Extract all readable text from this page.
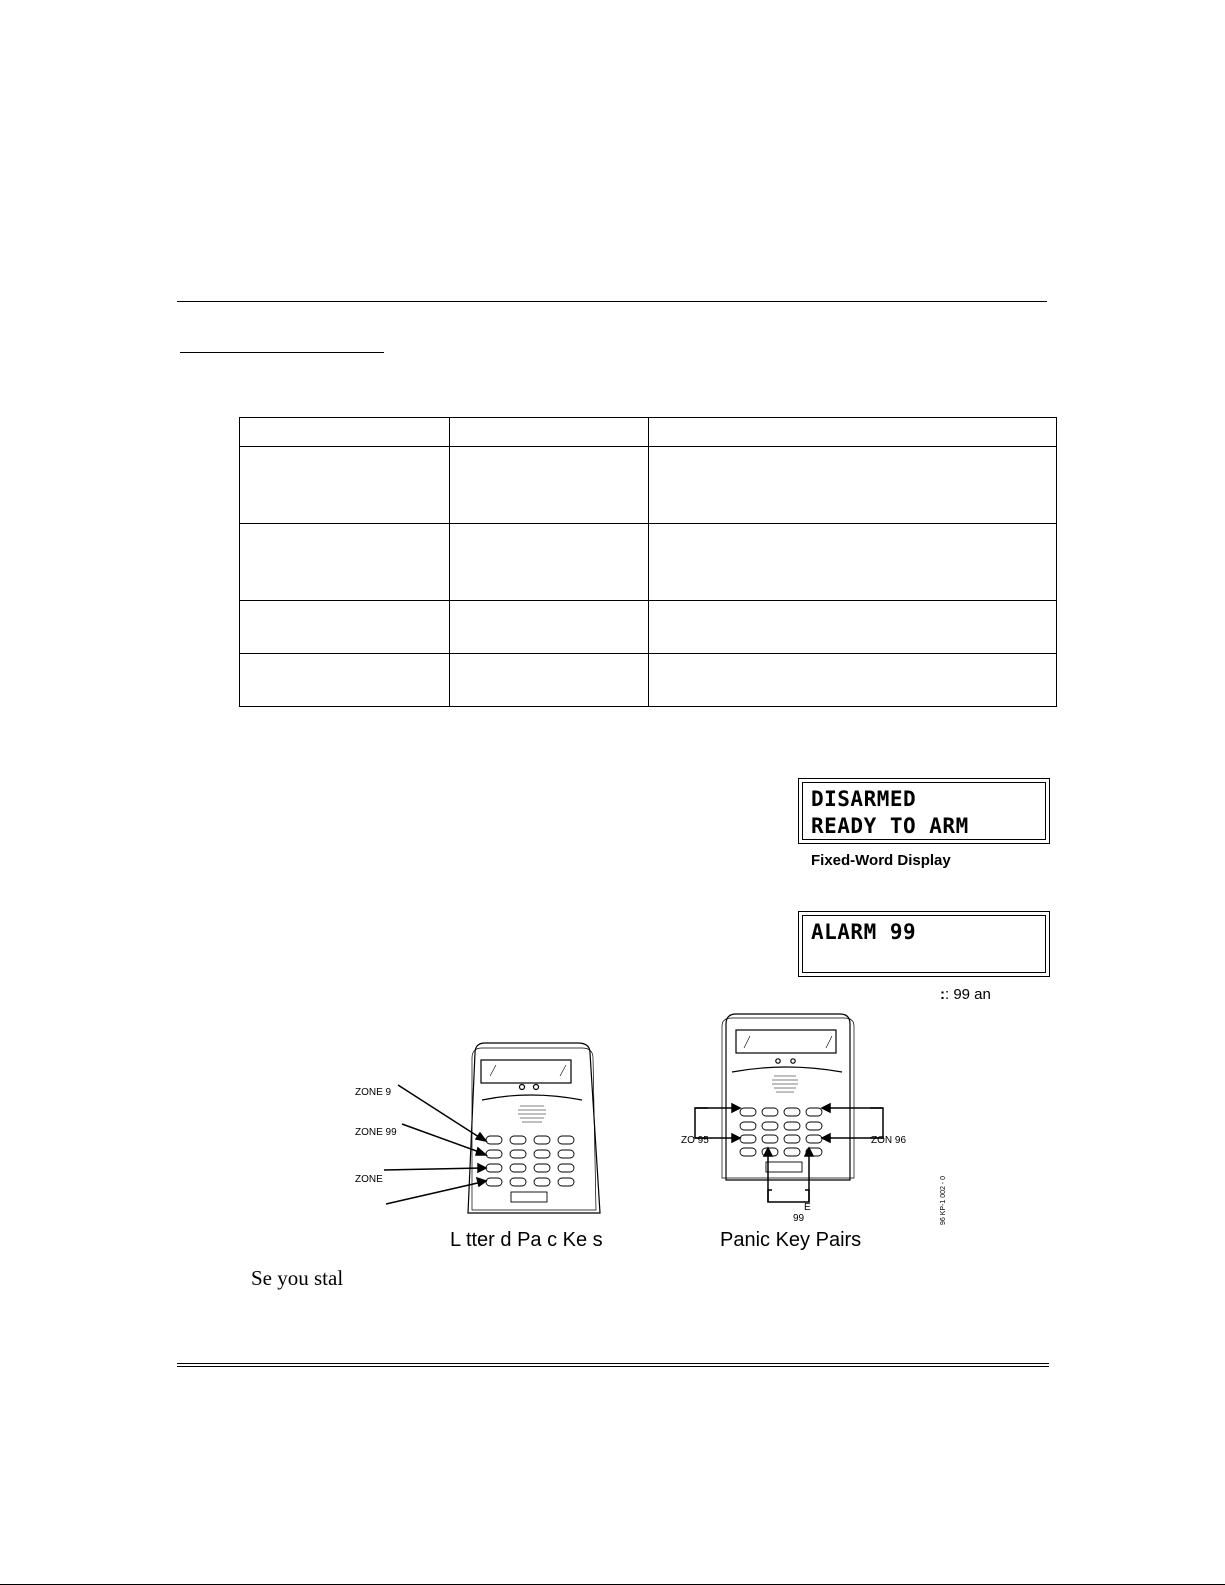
DISARMED
READY TO ARM
Fixed-Word Display
ALARM 99
:: 99 an
ZONE 9
ZONE 99
ZONE
L tter d Pa c Ke s
ZO 95	ZON 96
E
99
Panic Key Pairs
96 KP-1 002 - 0
Se you stal
